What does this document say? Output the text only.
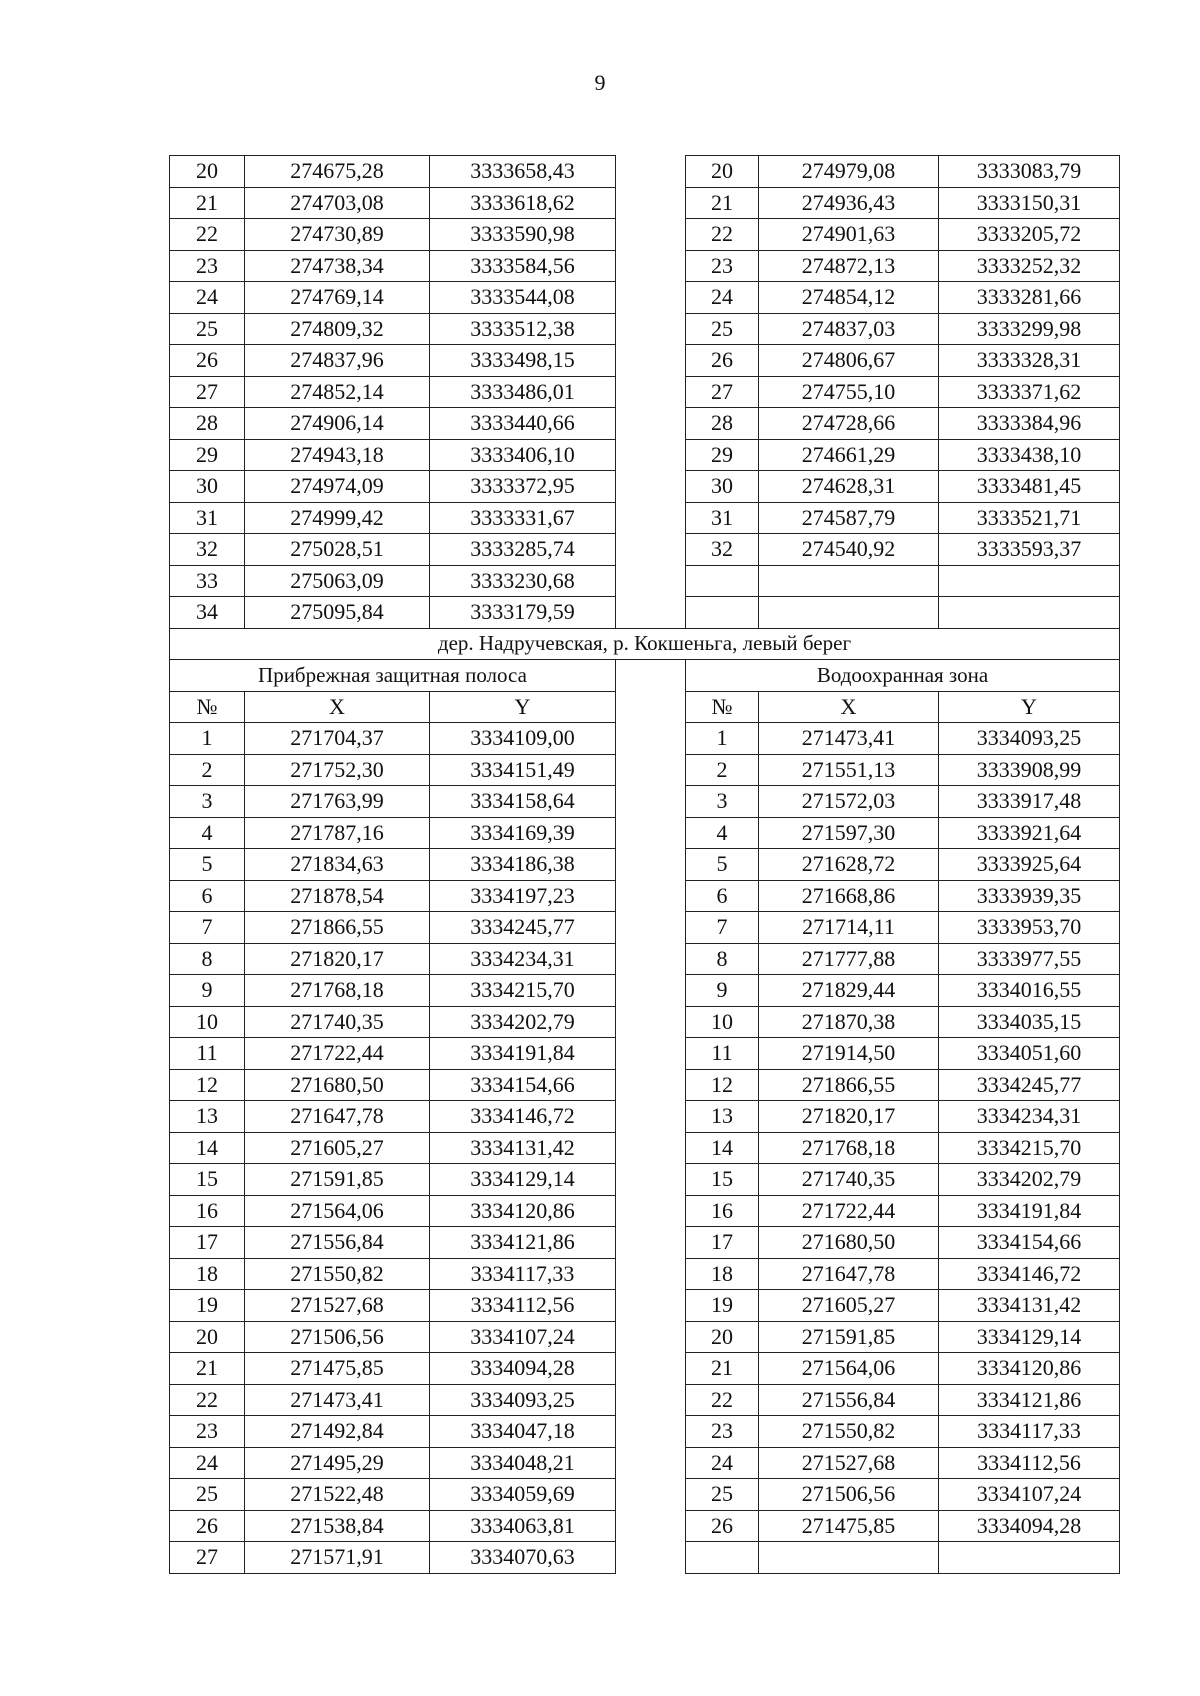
9
20	274675,28	3333658,43		20	274979,08	3333083,79
21	274703,08	3333618,62		21	274936,43	3333150,31
22	274730,89	3333590,98		22	274901,63	3333205,72
23	274738,34	3333584,56		23	274872,13	3333252,32
24	274769,14	3333544,08		24	274854,12	3333281,66
25	274809,32	3333512,38		25	274837,03	3333299,98
26	274837,96	3333498,15		26	274806,67	3333328,31
27	274852,14	3333486,01		27	274755,10	3333371,62
28	274906,14	3333440,66		28	274728,66	3333384,96
29	274943,18	3333406,10		29	274661,29	3333438,10
30	274974,09	3333372,95		30	274628,31	3333481,45
31	274999,42	3333331,67		31	274587,79	3333521,71
32	275028,51	3333285,74		32	274540,92	3333593,37
33	275063,09	3333230,68				
34	275095,84	3333179,59				
дер. Надручевская, р. Кокшеньга, левый берег						
Прибрежная защитная полоса				Водоохранная зона		
№	X	Y		№	X	Y
1	271704,37	3334109,00		1	271473,41	3334093,25
2	271752,30	3334151,49		2	271551,13	3333908,99
3	271763,99	3334158,64		3	271572,03	3333917,48
4	271787,16	3334169,39		4	271597,30	3333921,64
5	271834,63	3334186,38		5	271628,72	3333925,64
6	271878,54	3334197,23		6	271668,86	3333939,35
7	271866,55	3334245,77		7	271714,11	3333953,70
8	271820,17	3334234,31		8	271777,88	3333977,55
9	271768,18	3334215,70		9	271829,44	3334016,55
10	271740,35	3334202,79		10	271870,38	3334035,15
11	271722,44	3334191,84		11	271914,50	3334051,60
12	271680,50	3334154,66		12	271866,55	3334245,77
13	271647,78	3334146,72		13	271820,17	3334234,31
14	271605,27	3334131,42		14	271768,18	3334215,70
15	271591,85	3334129,14		15	271740,35	3334202,79
16	271564,06	3334120,86		16	271722,44	3334191,84
17	271556,84	3334121,86		17	271680,50	3334154,66
18	271550,82	3334117,33		18	271647,78	3334146,72
19	271527,68	3334112,56		19	271605,27	3334131,42
20	271506,56	3334107,24		20	271591,85	3334129,14
21	271475,85	3334094,28		21	271564,06	3334120,86
22	271473,41	3334093,25		22	271556,84	3334121,86
23	271492,84	3334047,18		23	271550,82	3334117,33
24	271495,29	3334048,21		24	271527,68	3334112,56
25	271522,48	3334059,69		25	271506,56	3334107,24
26	271538,84	3334063,81		26	271475,85	3334094,28
27	271571,91	3334070,63				
